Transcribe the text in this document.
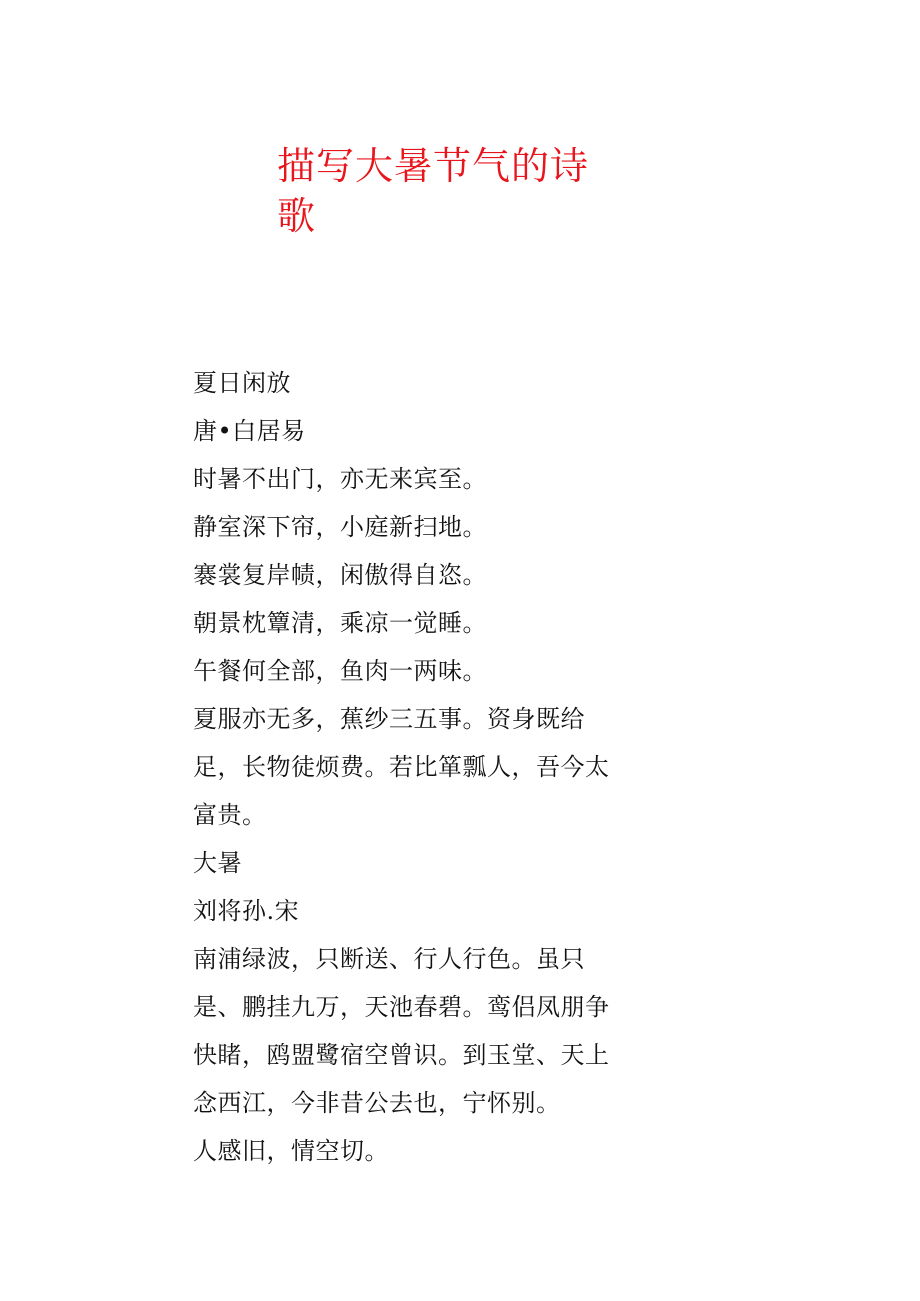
描写大暑节气的诗歌
夏日闲放
唐•白居易
时暑不出门，亦无来宾至。
静室深下帘，小庭新扫地。
褰裳复岸帻，闲傲得自恣。
朝景枕簟清，乘凉一觉睡。
午餐何全部，鱼肉一两味。
夏服亦无多，蕉纱三五事。资身既给
足，长物徒烦费。若比箪瓢人，吾今太
富贵。
大暑
刘将孙.宋
南浦绿波，只断送、行人行色。虽只
是、鹏挂九万，天池春碧。鸾侣凤朋争
快睹，鸥盟鹭宿空曾识。到玉堂、天上
念西江，今非昔公去也，宁怀别。
人感旧，情空切。
